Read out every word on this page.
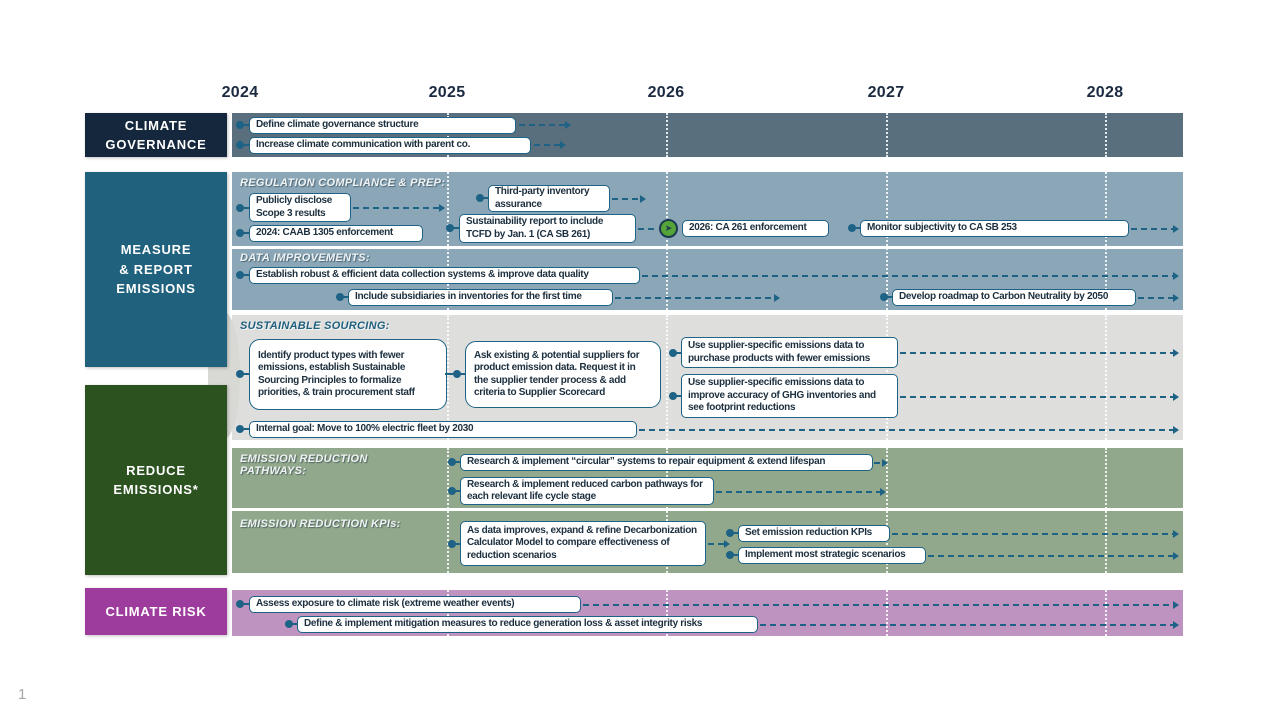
2024	2025	2026	2027	2028
CLIMATE
GOVERNANCE
MEASURE
& REPORT
EMISSIONS
REDUCE
EMISSIONS*
CLIMATE RISK
Define climate governance structure
Increase climate communication with parent co.
REGULATION COMPLIANCE & PREP:
Publicly disclose Scope 3 results
2024: CAAB 1305 enforcement
Third-party inventory assurance
Sustainability report to include TCFD by Jan. 1 (CA SB 261)
➤	2026: CA 261 enforcement	Monitor subjectivity to CA SB 253
DATA IMPROVEMENTS:
Establish robust & efficient data collection systems & improve data quality
Include subsidiaries in inventories for the first time	Develop roadmap to Carbon Neutrality by 2050
SUSTAINABLE SOURCING:
Identify product types with fewer emissions, establish Sustainable Sourcing Principles to formalize priorities, & train procurement staff
Ask existing & potential suppliers for product emission data. Request it in the supplier tender process & add criteria to Supplier Scorecard
Use supplier-specific emissions data to purchase products with fewer emissions
Use supplier-specific emissions data to improve accuracy of GHG inventories and see footprint reductions
Internal goal: Move to 100% electric fleet by 2030
EMISSION REDUCTION PATHWAYS:
Research & implement “circular” systems to repair equipment & extend lifespan
Research & implement reduced carbon pathways for each relevant life cycle stage
EMISSION REDUCTION KPIs:
As data improves, expand & refine Decarbonization Calculator Model to compare effectiveness of reduction scenarios
Set emission reduction KPIs
Implement most strategic scenarios
Assess exposure to climate risk (extreme weather events)
Define & implement mitigation measures to reduce generation loss & asset integrity risks
1
